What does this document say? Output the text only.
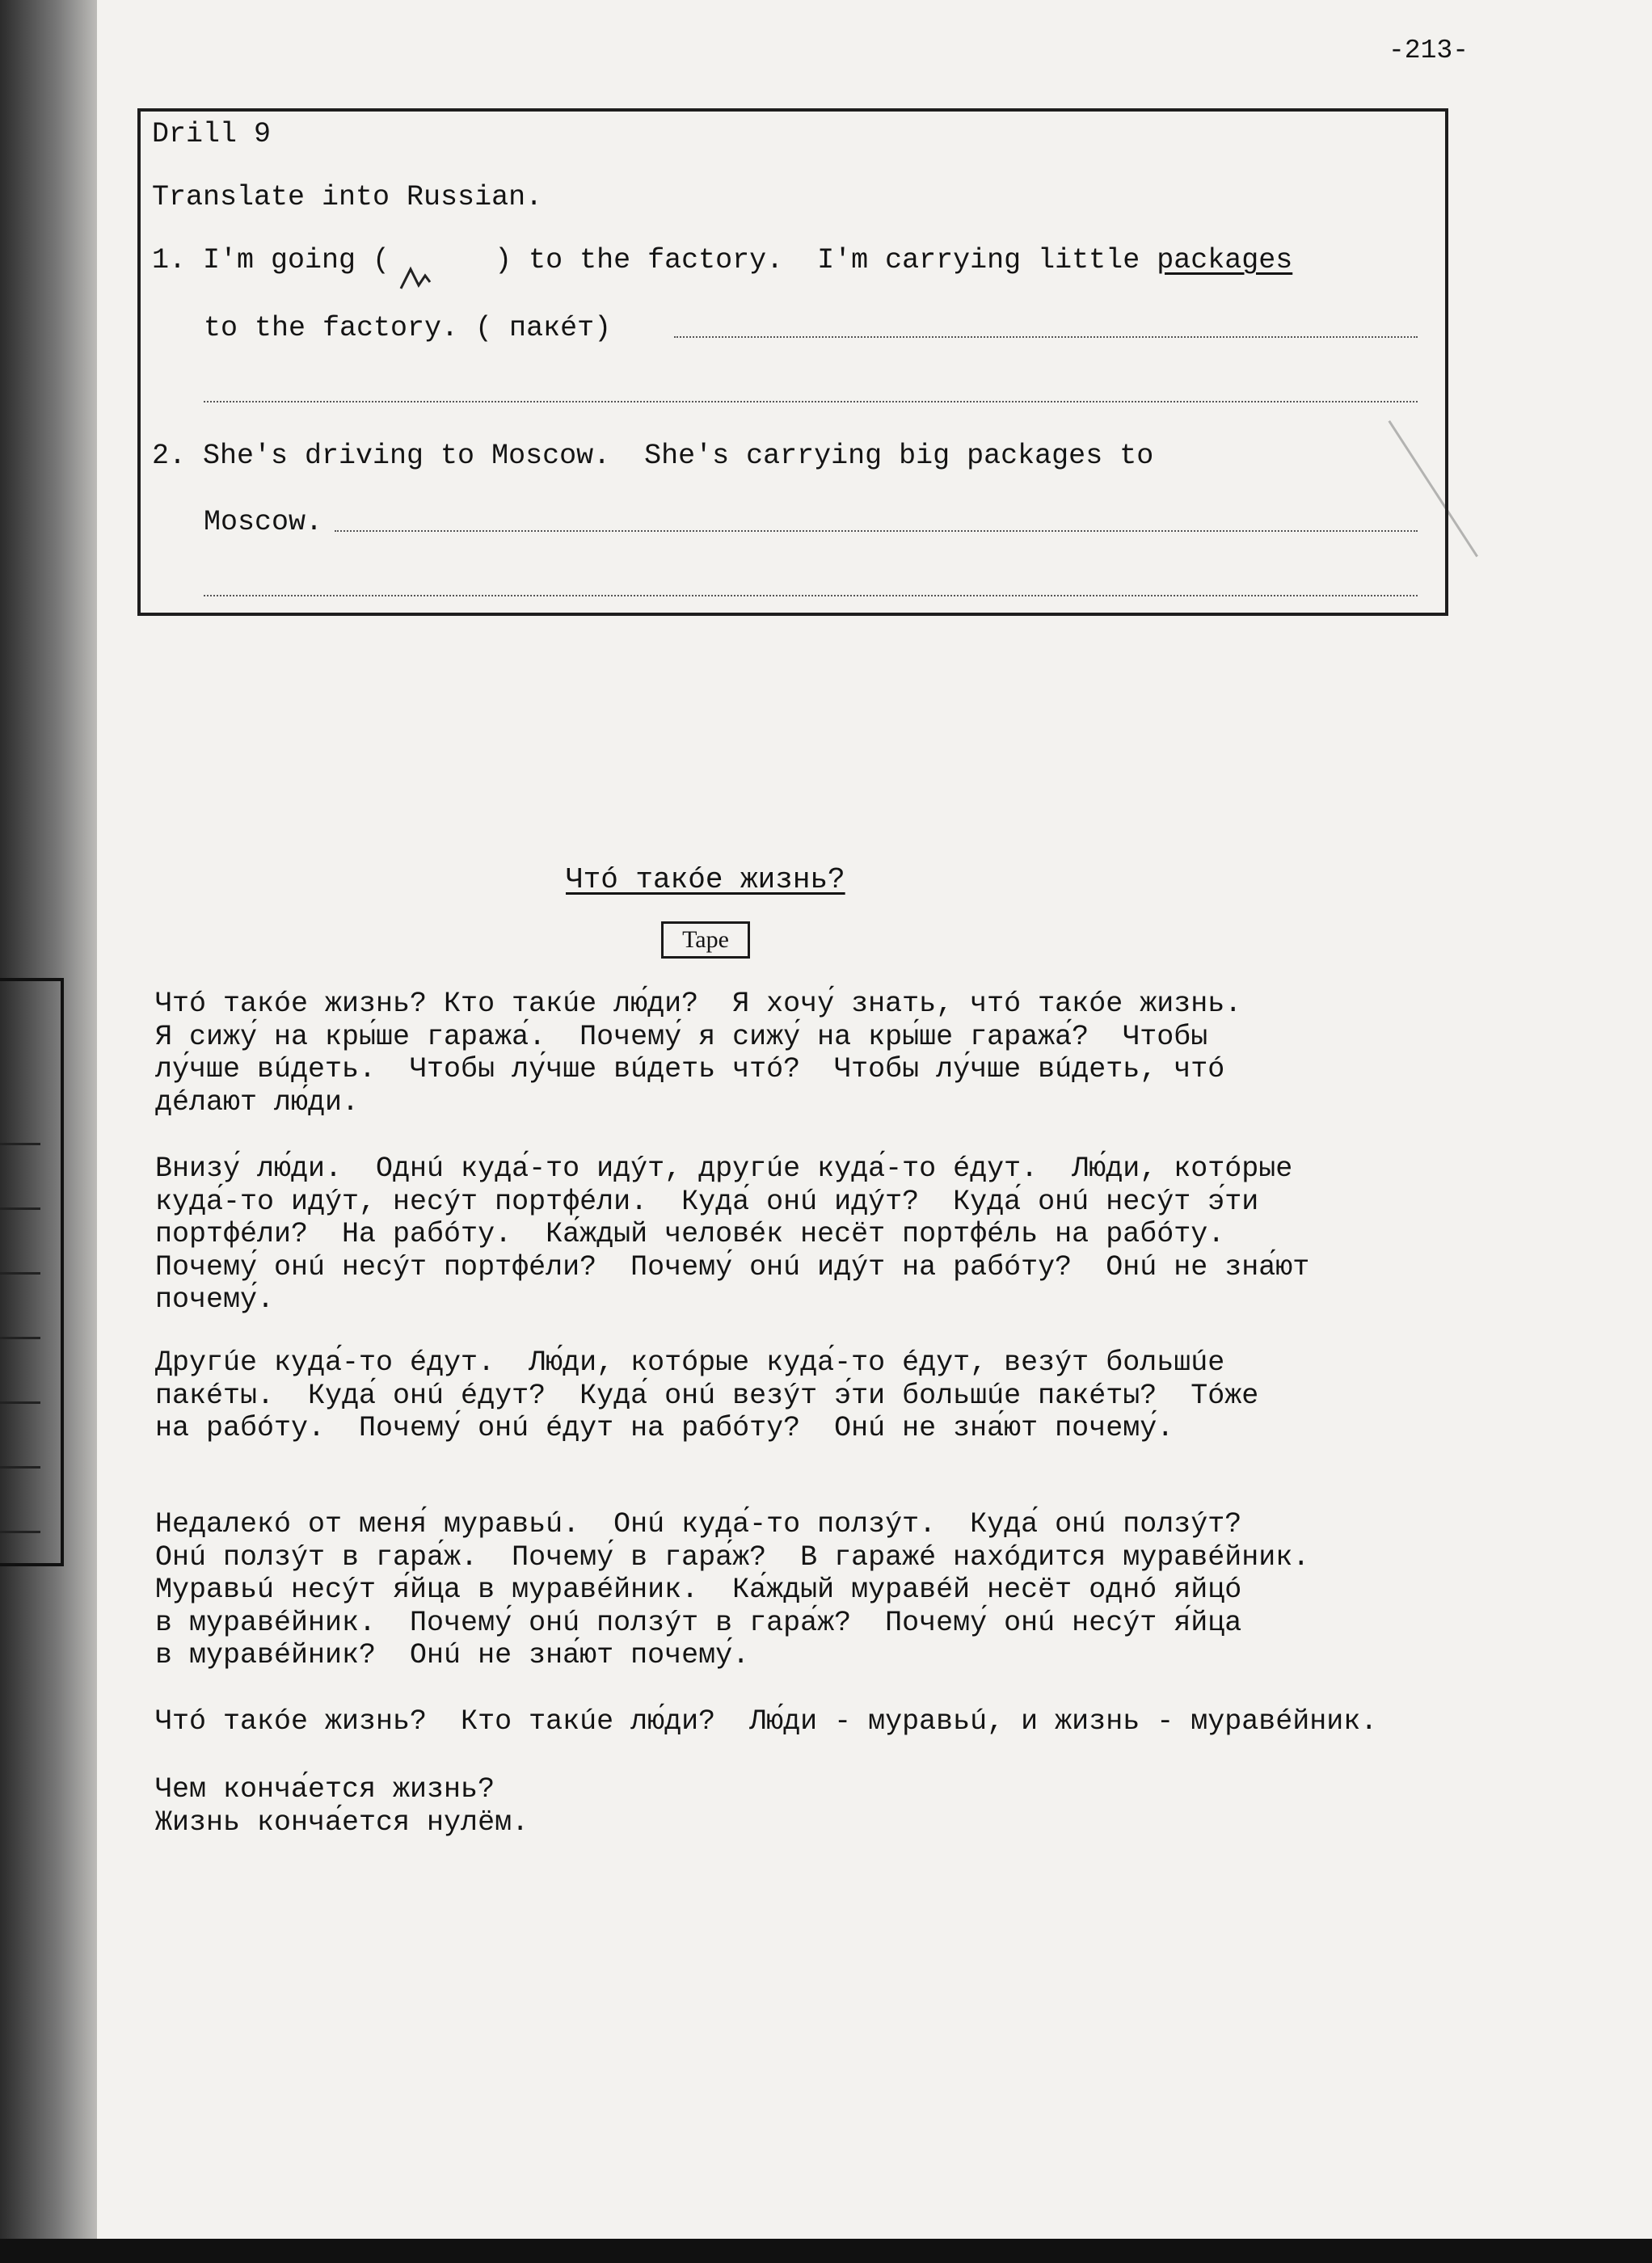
-213-
Drill 9
Translate into Russian.
1. I'm going (	) to the factory.  I'm carrying little packages
to the factory. ( пакéт)
2. She's driving to Moscow.  She's carrying big packages to
Moscow.
Чтó такóе жизнь?
Tape
Чтó такóе жизнь? Кто такúе лю́ди?  Я хочу́ знать, чтó такóе жизнь.
Я сижу́ на кры́ше гаража́.  Почему́ я сижу́ на кры́ше гаража́?  Чтобы
лу́чше вúдеть.  Чтобы лу́чше вúдеть чтó?  Чтобы лу́чше вúдеть, чтó
дéлают лю́ди.
Внизу́ лю́ди.  Однú куда́-то идýт, другúе куда́-то éдут.  Лю́ди, котóрые
куда́-то идýт, несýт портфéли.  Куда́ онú идýт?  Куда́ онú несýт э́ти
портфéли?  На рабóту.  Ка́ждый человéк несёт портфéль на рабóту.
Почему́ онú несýт портфéли?  Почему́ онú идýт на рабóту?  Онú не зна́ют
почему́.
Другúе куда́-то éдут.  Лю́ди, котóрые куда́-то éдут, везýт большúе
пакéты.  Куда́ онú éдут?  Куда́ онú везýт э́ти большúе пакéты?  Тóже
на рабóту.  Почему́ онú éдут на рабóту?  Онú не зна́ют почему́.
Недалекó от меня́ муравьú.  Онú куда́-то ползýт.  Куда́ онú ползýт?
Онú ползýт в гара́ж.  Почему́ в гара́ж?  В гаражé нахóдится муравéйник.
Муравьú несýт я́йца в муравéйник.  Ка́ждый муравéй несёт однó яйцó
в муравéйник.  Почему́ онú ползýт в гара́ж?  Почему́ онú несýт я́йца
в муравéйник?  Онú не зна́ют почему́.
Чтó такóе жизнь?  Кто такúе лю́ди?  Лю́ди - муравьú, и жизнь - муравéйник.
Чем конча́ется жизнь?
Жизнь конча́ется нулём.
